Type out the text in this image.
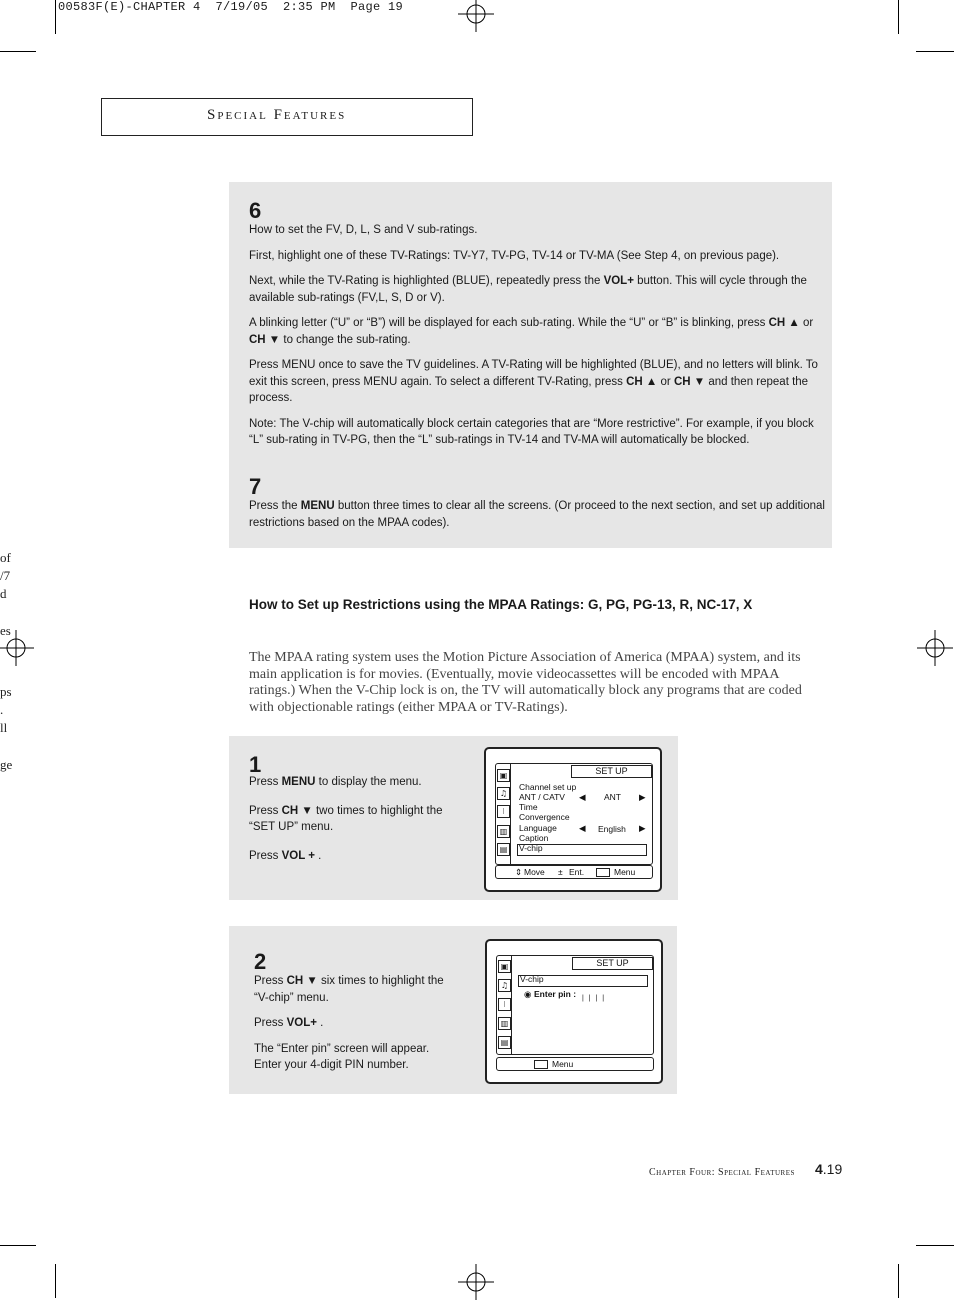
00583F(E)-CHAPTER 4  7/19/05  2:35 PM  Page 19
Special Features
of
/7
d
es
ps
.
ll
ge
6

How to set the FV, D, L, S and V sub-ratings.

First, highlight one of these TV-Ratings: TV-Y7, TV-PG, TV-14 or TV-MA (See Step 4, on previous page).

Next, while the TV-Rating is highlighted (BLUE), repeatedly press the VOL+ button. This will cycle through the available sub-ratings (FV,L, S, D or V).

A blinking letter (“U” or “B”) will be displayed for each sub-rating. While the “U” or “B” is blinking, press CH ▲ or CH ▼ to change the sub-rating.

Press MENU once to save the TV guidelines. A TV-Rating will be highlighted (BLUE), and no letters will blink. To exit this screen, press MENU again. To select a different TV-Rating, press CH ▲ or CH ▼ and then repeat the process.

Note: The V-chip will automatically block certain categories that are “More restrictive”. For example, if you block “L” sub-rating in TV-PG, then the “L” sub-ratings in TV-14 and TV-MA will automatically be blocked.

7

Press the MENU button three times to clear all the screens. (Or proceed to the next section, and set up additional restrictions based on the MPAA codes).

How to Set up Restrictions using the MPAA Ratings: G, PG, PG-13, R, NC-17, X
The MPAA rating system uses the Motion Picture Association of America (MPAA) system, and its main application is for movies. (Eventually, movie videocassettes will be encoded with MPAA ratings.) When the V-Chip lock is on, the TV will automatically block any programs that are coded with objectionable ratings (either MPAA or TV-Ratings).
1

Press MENU to display the menu.

Press CH ▼ two times to highlight the “SET UP” menu.

Press VOL + .

▣
♫
⁝
▥
▤
SET UP
Channel set up
ANT / CATV ◀ ANT ▶
Time
Convergence
Language	◀ English ▶
Caption
V-chip
⇕ Move ± Ent.	Menu
2

Press CH ▼ six times to highlight the “V-chip” menu.

Press VOL+ .

The “Enter pin” screen will appear. Enter your 4-digit PIN number.

▣
♫
⁝
▥
▤
SET UP
V-chip
◉ Enter pin : | | | |
Menu
Chapter Four: Special Features 4.19
